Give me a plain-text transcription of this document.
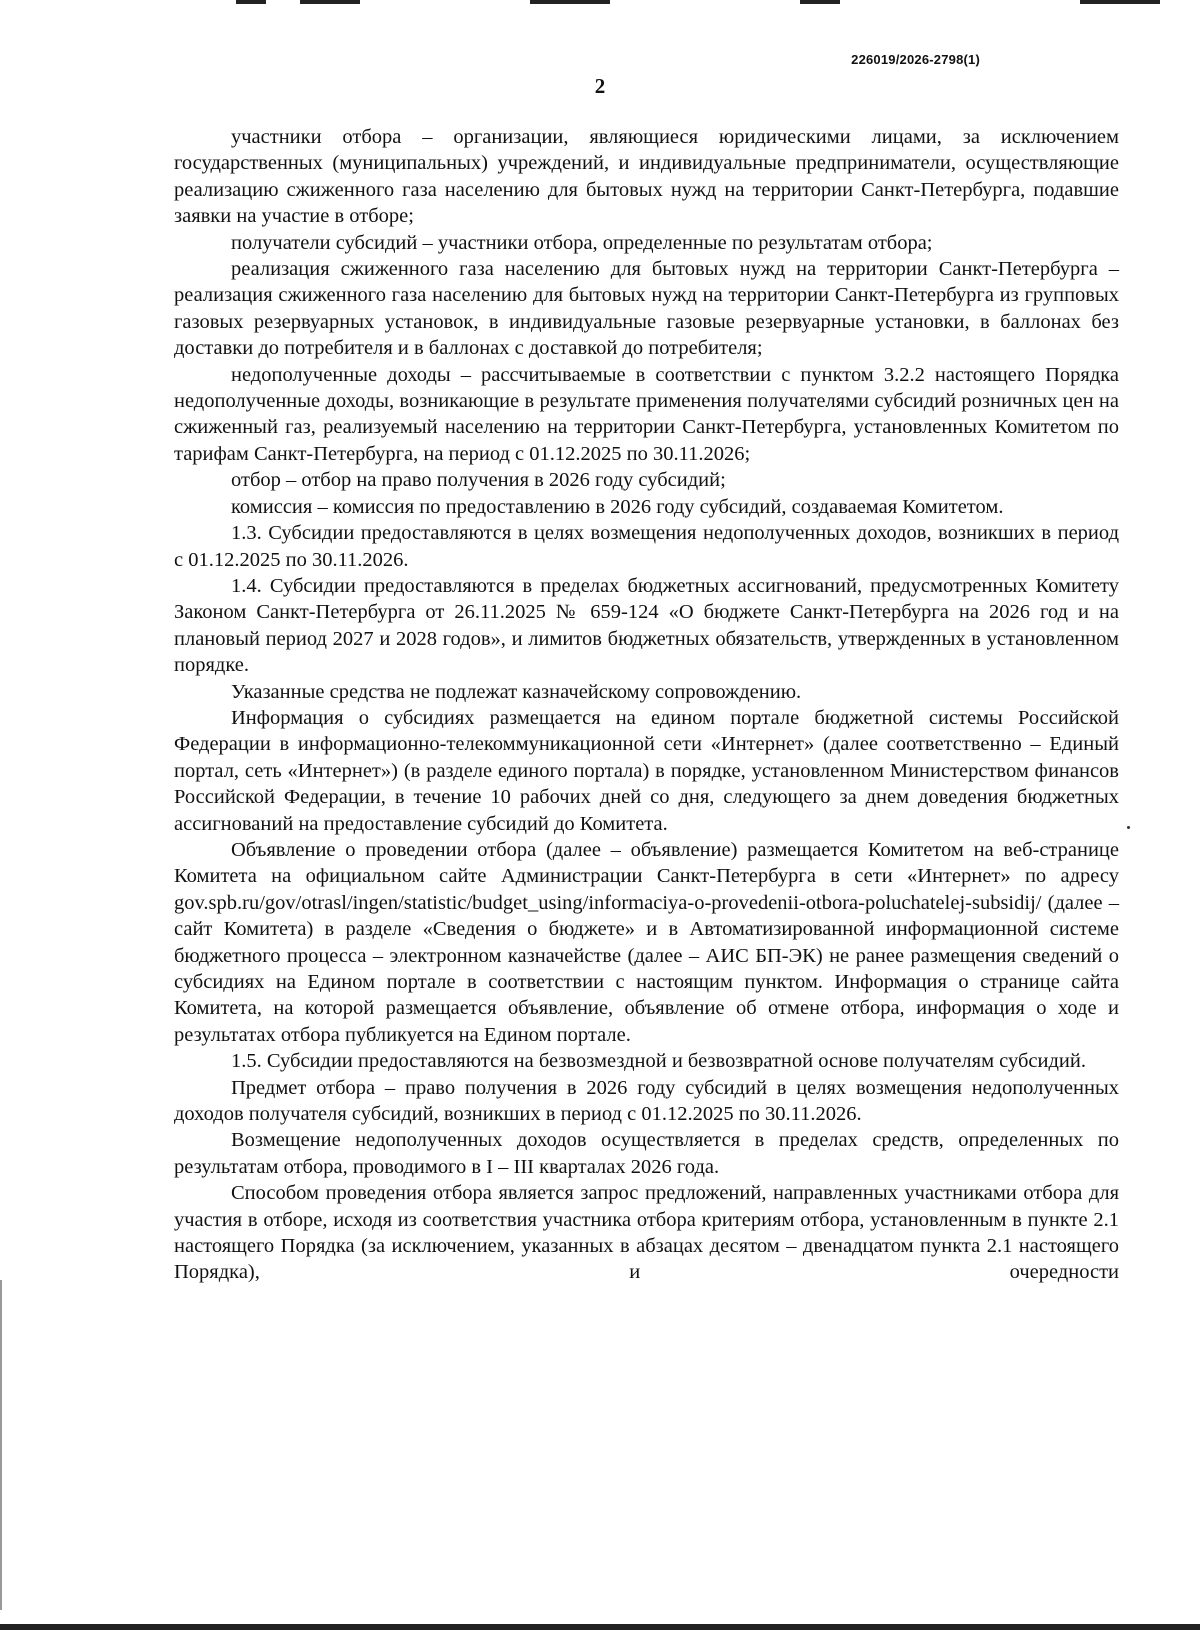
226019/2026-2798(1)
2

участники отбора – организации, являющиеся юридическими лицами, за исключением государственных (муниципальных) учреждений, и индивидуальные предприниматели, осуществляющие реализацию сжиженного газа населению для бытовых нужд на территории Санкт-Петербурга, подавшие заявки на участие в отборе;

получатели субсидий – участники отбора, определенные по результатам отбора;

реализация сжиженного газа населению для бытовых нужд на территории Санкт-Петербурга – реализация сжиженного газа населению для бытовых нужд на территории Санкт-Петербурга из групповых газовых резервуарных установок, в индивидуальные газовые резервуарные установки, в баллонах без доставки до потребителя и в баллонах с доставкой до потребителя;

недополученные доходы – рассчитываемые в соответствии с пунктом 3.2.2 настоящего Порядка недополученные доходы, возникающие в результате применения получателями субсидий розничных цен на сжиженный газ, реализуемый населению на территории Санкт-Петербурга, установленных Комитетом по тарифам Санкт-Петербурга, на период с 01.12.2025 по 30.11.2026;

отбор – отбор на право получения в 2026 году субсидий;

комиссия – комиссия по предоставлению в 2026 году субсидий, создаваемая Комитетом.

1.3. Субсидии предоставляются в целях возмещения недополученных доходов, возникших в период с 01.12.2025 по 30.11.2026.

1.4. Субсидии предоставляются в пределах бюджетных ассигнований, предусмотренных Комитету Законом Санкт-Петербурга от 26.11.2025 № 659-124 «О бюджете Санкт-Петербурга на 2026 год и на плановый период 2027 и 2028 годов», и лимитов бюджетных обязательств, утвержденных в установленном порядке.

Указанные средства не подлежат казначейскому сопровождению.

Информация о субсидиях размещается на едином портале бюджетной системы Российской Федерации в информационно-телекоммуникационной сети «Интернет» (далее соответственно – Единый портал, сеть «Интернет») (в разделе единого портала) в порядке, установленном Министерством финансов Российской Федерации, в течение 10 рабочих дней со дня, следующего за днем доведения бюджетных ассигнований на предоставление субсидий до Комитета.

Объявление о проведении отбора (далее – объявление) размещается Комитетом на веб-странице Комитета на официальном сайте Администрации Санкт-Петербурга в сети «Интернет» по адресу gov.spb.ru/gov/otrasl/ingen/statistic/budget_using/informaciya-o-provedenii-otbora-poluchatelej-subsidij/ (далее – сайт Комитета) в разделе «Сведения о бюджете» и в Автоматизированной информационной системе бюджетного процесса – электронном казначействе (далее – АИС БП-ЭК) не ранее размещения сведений о субсидиях на Едином портале в соответствии с настоящим пунктом. Информация о странице сайта Комитета, на которой размещается объявление, объявление об отмене отбора, информация о ходе и результатах отбора публикуется на Едином портале.

1.5. Субсидии предоставляются на безвозмездной и безвозвратной основе получателям субсидий.

Предмет отбора – право получения в 2026 году субсидий в целях возмещения недополученных доходов получателя субсидий, возникших в период с 01.12.2025 по 30.11.2026.

Возмещение недополученных доходов осуществляется в пределах средств, определенных по результатам отбора, проводимого в I – III кварталах 2026 года.

Способом проведения отбора является запрос предложений, направленных участниками отбора для участия в отборе, исходя из соответствия участника отбора критериям отбора, установленным в пункте 2.1 настоящего Порядка (за исключением, указанных в абзацах десятом – двенадцатом пункта 2.1 настоящего Порядка), и очередности
